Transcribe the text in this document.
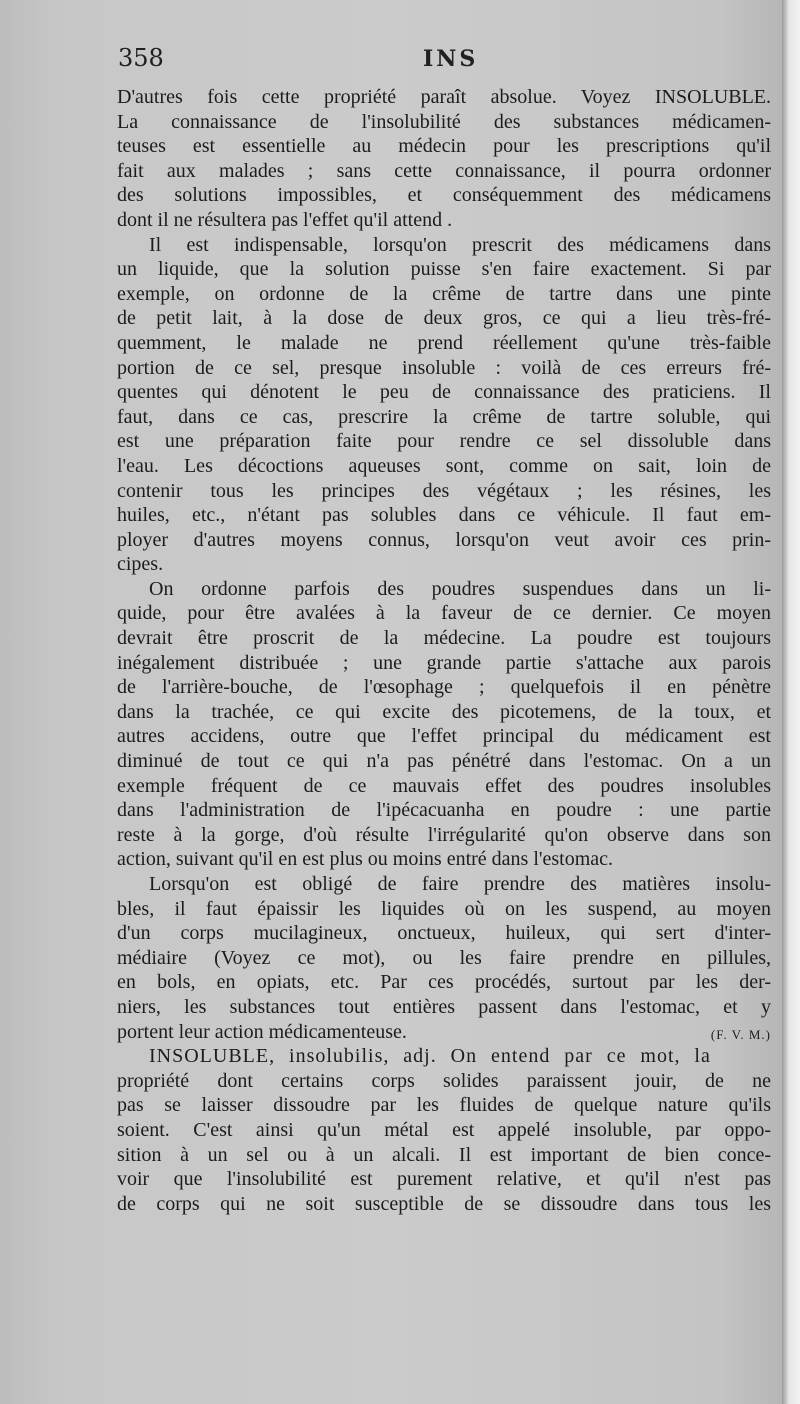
358	INS
D'autres fois cette propriété paraît absolue. Voyez INSOLUBLE.
La connaissance de l'insolubilité des substances médicamen-
teuses est essentielle au médecin pour les prescriptions qu'il
fait aux malades ; sans cette connaissance, il pourra ordonner
des solutions impossibles, et conséquemment des médicamens
dont il ne résultera pas l'effet qu'il attend .
Il est indispensable, lorsqu'on prescrit des médicamens dans
un liquide, que la solution puisse s'en faire exactement. Si par
exemple, on ordonne de la crême de tartre dans une pinte
de petit lait, à la dose de deux gros, ce qui a lieu très-fré-
quemment, le malade ne prend réellement qu'une très-faible
portion de ce sel, presque insoluble : voilà de ces erreurs fré-
quentes qui dénotent le peu de connaissance des praticiens. Il
faut, dans ce cas, prescrire la crême de tartre soluble, qui
est une préparation faite pour rendre ce sel dissoluble dans
l'eau. Les décoctions aqueuses sont, comme on sait, loin de
contenir tous les principes des végétaux ; les résines, les
huiles, etc., n'étant pas solubles dans ce véhicule. Il faut em-
ployer d'autres moyens connus, lorsqu'on veut avoir ces prin-
cipes.
On ordonne parfois des poudres suspendues dans un li-
quide, pour être avalées à la faveur de ce dernier. Ce moyen
devrait être proscrit de la médecine. La poudre est toujours
inégalement distribuée ; une grande partie s'attache aux parois
de l'arrière-bouche, de l'œsophage ; quelquefois il en pénètre
dans la trachée, ce qui excite des picotemens, de la toux, et
autres accidens, outre que l'effet principal du médicament est
diminué de tout ce qui n'a pas pénétré dans l'estomac. On a un
exemple fréquent de ce mauvais effet des poudres insolubles
dans l'administration de l'ipécacuanha en poudre : une partie
reste à la gorge, d'où résulte l'irrégularité qu'on observe dans son
action, suivant qu'il en est plus ou moins entré dans l'estomac.
Lorsqu'on est obligé de faire prendre des matières insolu-
bles, il faut épaissir les liquides où on les suspend, au moyen
d'un corps mucilagineux, onctueux, huileux, qui sert d'inter-
médiaire (Voyez ce mot), ou les faire prendre en pillules,
en bols, en opiats, etc. Par ces procédés, surtout par les der-
niers, les substances tout entières passent dans l'estomac, et y
portent leur action médicamenteuse.	(F. V. M.)
INSOLUBLE, insolubilis, adj. On entend par ce mot, la
propriété dont certains corps solides paraissent jouir, de ne
pas se laisser dissoudre par les fluides de quelque nature qu'ils
soient. C'est ainsi qu'un métal est appelé insoluble, par oppo-
sition à un sel ou à un alcali. Il est important de bien conce-
voir que l'insolubilité est purement relative, et qu'il n'est pas
de corps qui ne soit susceptible de se dissoudre dans tous les
